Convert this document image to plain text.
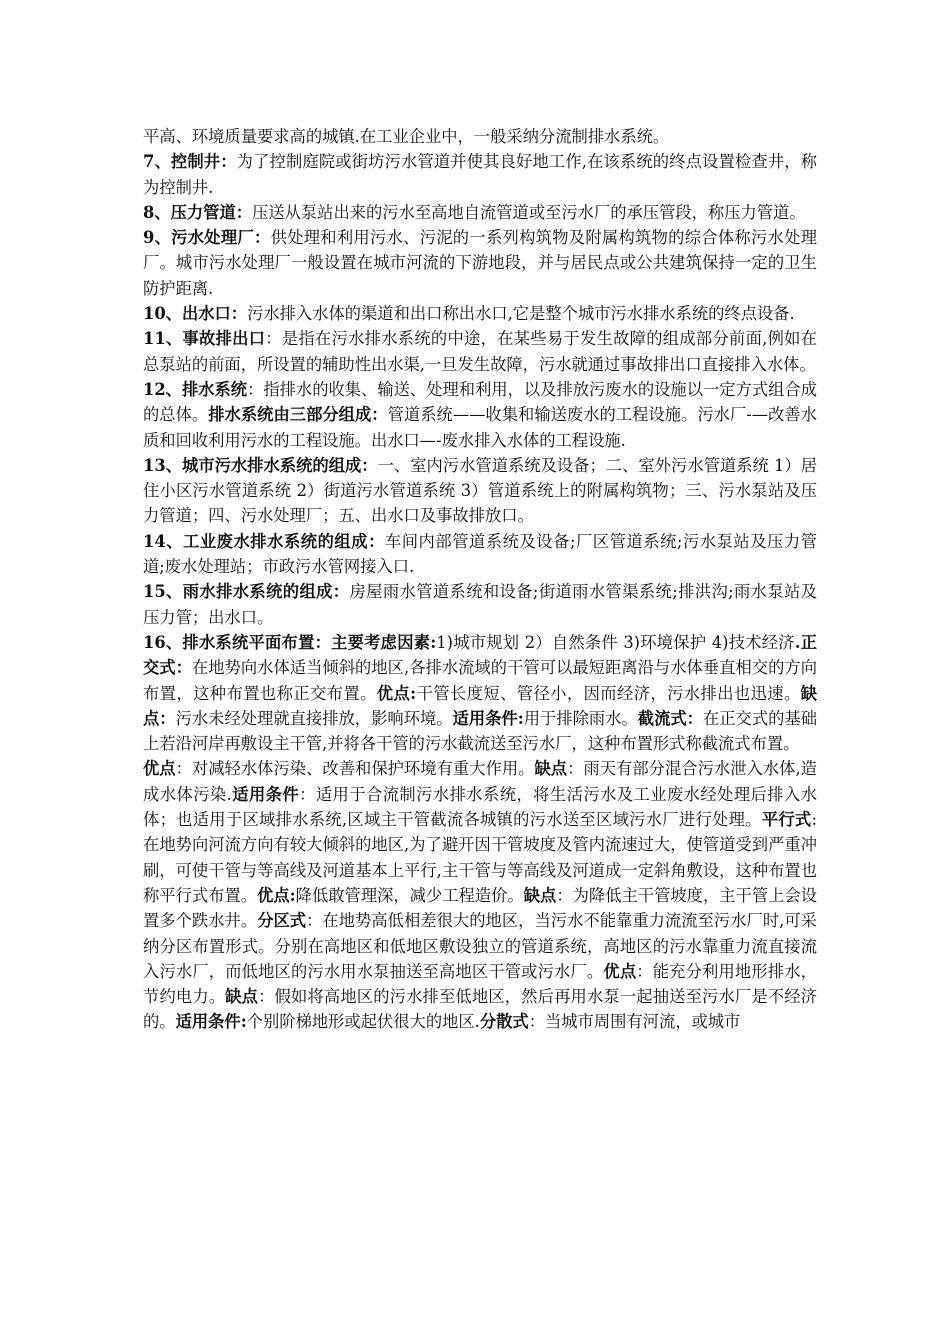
平高、环境质量要求高的城镇.在工业企业中，一般采纳分流制排水系统。

7、控制井：为了控制庭院或街坊污水管道并使其良好地工作,在该系统的终点设置检查井，称为控制井.

8、压力管道：压送从泵站出来的污水至高地自流管道或至污水厂的承压管段，称压力管道。

9、污水处理厂：供处理和利用污水、污泥的一系列构筑物及附属构筑物的综合体称污水处理厂。城市污水处理厂一般设置在城市河流的下游地段，并与居民点或公共建筑保持一定的卫生防护距离.

10、出水口：污水排入水体的渠道和出口称出水口,它是整个城市污水排水系统的终点设备.

11、事故排出口：是指在污水排水系统的中途，在某些易于发生故障的组成部分前面,例如在总泵站的前面，所设置的辅助性出水渠,一旦发生故障，污水就通过事故排出口直接排入水体。

12、排水系统：指排水的收集、输送、处理和利用，以及排放污废水的设施以一定方式组合成的总体。排水系统由三部分组成：管道系统——收集和输送废水的工程设施。污水厂-—改善水质和回收利用污水的工程设施。出水口—-废水排入水体的工程设施.

13、城市污水排水系统的组成：一、室内污水管道系统及设备；二、室外污水管道系统 1）居住小区污水管道系统 2）街道污水管道系统 3）管道系统上的附属构筑物；三、污水泵站及压力管道；四、污水处理厂；五、出水口及事故排放口。

14、工业废水排水系统的组成：车间内部管道系统及设备;厂区管道系统;污水泵站及压力管道;废水处理站；市政污水管网接入口.

15、雨水排水系统的组成：房屋雨水管道系统和设备;街道雨水管渠系统;排洪沟;雨水泵站及压力管；出水口。

16、排水系统平面布置：主要考虑因素:1)城市规划 2）自然条件 3)环境保护 4)技术经济.正交式：在地势向水体适当倾斜的地区,各排水流域的干管可以最短距离沿与水体垂直相交的方向布置，这种布置也称正交布置。优点:干管长度短、管径小，因而经济，污水排出也迅速。缺点：污水未经处理就直接排放，影响环境。适用条件:用于排除雨水。截流式：在正交式的基础上若沿河岸再敷设主干管,并将各干管的污水截流送至污水厂，这种布置形式称截流式布置。

优点：对减轻水体污染、改善和保护环境有重大作用。缺点：雨天有部分混合污水泄入水体,造成水体污染.适用条件：适用于合流制污水排水系统，将生活污水及工业废水经处理后排入水体；也适用于区域排水系统,区域主干管截流各城镇的污水送至区域污水厂进行处理。平行式:在地势向河流方向有较大倾斜的地区,为了避开因干管坡度及管内流速过大，使管道受到严重冲刷，可使干管与等高线及河道基本上平行,主干管与等高线及河道成一定斜角敷设，这种布置也称平行式布置。优点:降低敢管理深，减少工程造价。缺点：为降低主干管坡度，主干管上会设置多个跌水井。分区式：在地势高低相差很大的地区，当污水不能靠重力流流至污水厂时,可采纳分区布置形式。分别在高地区和低地区敷设独立的管道系统，高地区的污水靠重力流直接流入污水厂，而低地区的污水用水泵抽送至高地区干管或污水厂。优点：能充分利用地形排水，节约电力。缺点：假如将高地区的污水排至低地区，然后再用水泵一起抽送至污水厂是不经济的。适用条件:个别阶梯地形或起伏很大的地区.分散式：当城市周围有河流，或城市
